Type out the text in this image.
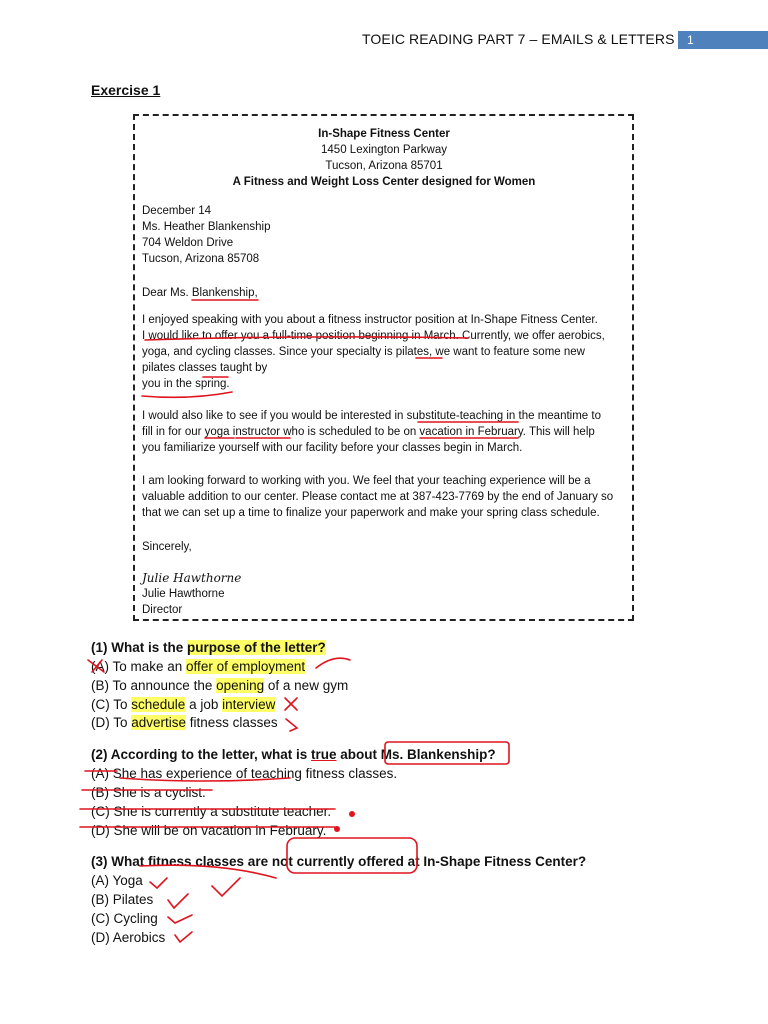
TOEIC READING PART 7 – EMAILS & LETTERS	1
Exercise 1
In-Shape Fitness Center
1450 Lexington Parkway
Tucson, Arizona 85701
A Fitness and Weight Loss Center designed for Women
December 14
Ms. Heather Blankenship
704 Weldon Drive
Tucson, Arizona 85708
Dear Ms. Blankenship,
I enjoyed speaking with you about a fitness instructor position at In-Shape Fitness Center.
I would like to offer you a full-time position beginning in March. Currently, we offer aerobics,
yoga, and cycling classes. Since your specialty is pilates, we want to feature some new
pilates classes taught by
you in the spring.
I would also like to see if you would be interested in substitute-teaching in the meantime to
fill in for our yoga instructor who is scheduled to be on vacation in February. This will help
you familiarize yourself with our facility before your classes begin in March.
I am looking forward to working with you. We feel that your teaching experience will be a
valuable addition to our center. Please contact me at 387-423-7769 by the end of January so
that we can set up a time to finalize your paperwork and make your spring class schedule.
Sincerely,
Julie Hawthorne
Julie Hawthorne
Director
(1) What is the purpose of the letter?
(A) To make an offer of employment
(B) To announce the opening of a new gym
(C) To schedule a job interview
(D) To advertise fitness classes
(2) According to the letter, what is true about Ms. Blankenship?
(A) She has experience of teaching fitness classes.
(B) She is a cyclist.
(C) She is currently a substitute teacher.
(D) She will be on vacation in February.
(3) What fitness classes are not currently offered at In-Shape Fitness Center?
(A) Yoga
(B) Pilates
(C) Cycling
(D) Aerobics
